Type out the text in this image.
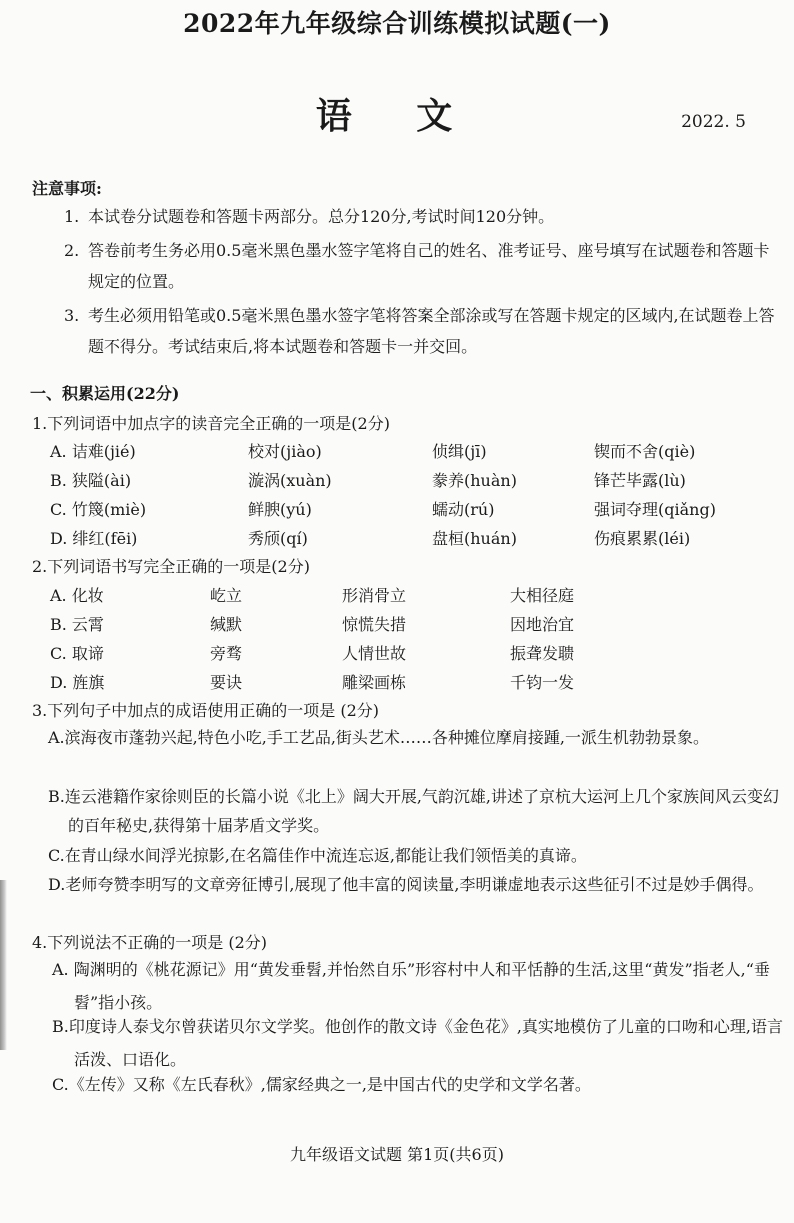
2022年九年级综合训练模拟试题(一)
语 文	2022. 5
注意事项:
1. 本试卷分试题卷和答题卡两部分。总分120分,考试时间120分钟。
2. 答卷前考生务必用0.5毫米黑色墨水签字笔将自己的姓名、准考证号、座号填写在试题卷和答题卡规定的位置。
3. 考生必须用铅笔或0.5毫米黑色墨水签字笔将答案全部涂或写在答题卡规定的区域内,在试题卷上答题不得分。考试结束后,将本试题卷和答题卡一并交回。
一、积累运用(22分)
1.下列词语中加点字的读音完全正确的一项是(2分)
A. 诘难(jié)	校对(jiào)	侦缉(jī)	锲而不舍(qiè)
B. 狭隘(ài)	漩涡(xuàn)	豢养(huàn)	锋芒毕露(lù)
C. 竹篾(miè)	鲜腴(yú)	蠕动(rú)	强词夺理(qiǎng)
D. 绯红(fēi)	秀颀(qí)	盘桓(huán)	伤痕累累(léi)
2.下列词语书写完全正确的一项是(2分)
A. 化妆	屹立	形消骨立	大相径庭
B. 云霄	缄默	惊慌失措	因地治宜
C. 取谛	旁骛	人情世故	振聋发聩
D. 旌旗	要诀	雕梁画栋	千钧一发
3.下列句子中加点的成语使用正确的一项是 (2分)
A.滨海夜市蓬勃兴起,特色小吃,手工艺品,街头艺术……各种摊位摩肩接踵,一派生机勃勃景象。
B.连云港籍作家徐则臣的长篇小说《北上》阔大开展,气韵沉雄,讲述了京杭大运河上几个家族间风云变幻的百年秘史,获得第十届茅盾文学奖。
C.在青山绿水间浮光掠影,在名篇佳作中流连忘返,都能让我们领悟美的真谛。
D.老师夸赞李明写的文章旁征博引,展现了他丰富的阅读量,李明谦虚地表示这些征引不过是妙手偶得。
4.下列说法不正确的一项是 (2分)
A. 陶渊明的《桃花源记》用“黄发垂髫,并怡然自乐”形容村中人和平恬静的生活,这里“黄发”指老人,“垂髫”指小孩。
B.印度诗人泰戈尔曾获诺贝尔文学奖。他创作的散文诗《金色花》,真实地模仿了儿童的口吻和心理,语言活泼、口语化。
C.《左传》又称《左氏春秋》,儒家经典之一,是中国古代的史学和文学名著。
九年级语文试题 第1页(共6页)
